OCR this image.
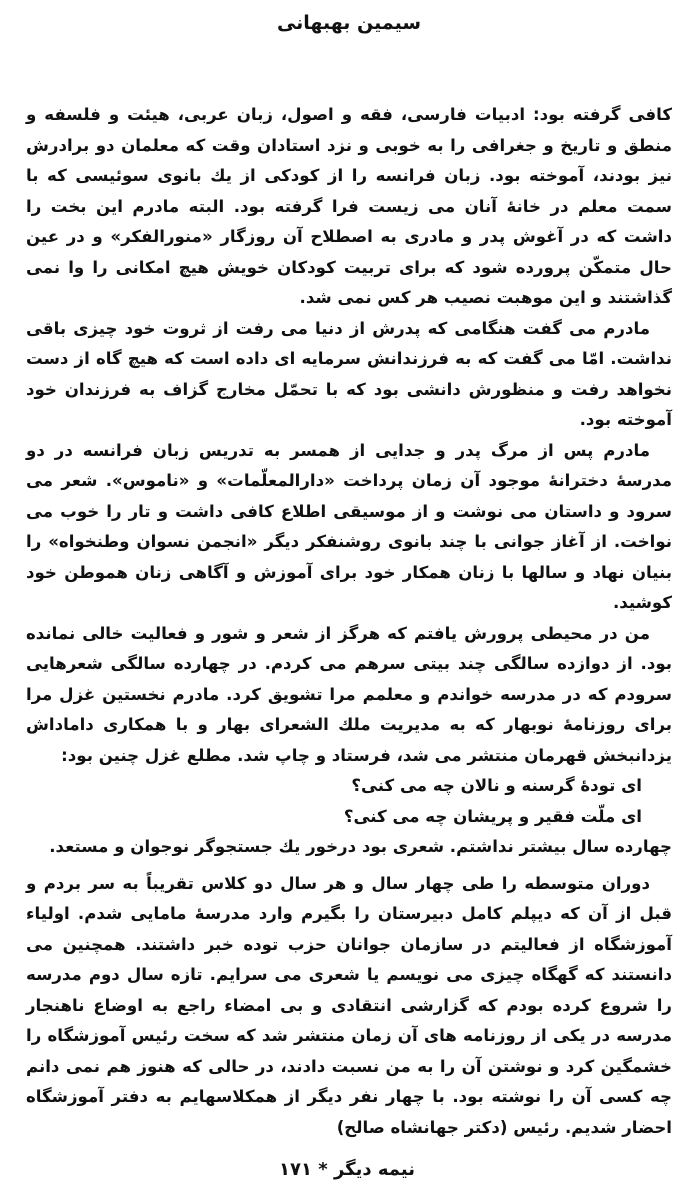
سیمین بهبهانی

کافی گرفته بود: ادبیات فارسی، فقه و اصول، زبان عربی، هیئت و فلسفه و منطق و تاریخ و جغرافی را به خوبی و نزد استادان وقت که معلمان دو برادرش نیز بودند، آموخته بود. زبان فرانسه را از کودکی از یك بانوی سوئیسی که با سمت معلم در خانهٔ آنان می زیست فرا گرفته بود. البته مادرم این بخت را داشت که در آغوش پدر و مادری به اصطلاح آن روزگار «منورالفکر» و در عین حال متمکّن پرورده شود که برای تربیت کودکان خویش هیچ امکانی را وا نمی گذاشتند و این موهبت نصیب هر کس نمی شد.

مادرم می گفت هنگامی که پدرش از دنیا می رفت از ثروت خود چیزی باقی نداشت. امّا می گفت که به فرزندانش سرمایه ای داده است که هیچ گاه از دست نخواهد رفت و منظورش دانشی بود که با تحمّل مخارج گزاف به فرزندان خود آموخته بود.

مادرم پس از مرگ پدر و جدایی از همسر به تدریس زبان فرانسه در دو مدرسهٔ دخترانهٔ موجود آن زمان پرداخت «دارالمعلّمات» و «ناموس». شعر می سرود و داستان می نوشت و از موسیقی اطلاع کافی داشت و تار را خوب می نواخت. از آغاز جوانی با چند بانوی روشنفکر دیگر «انجمن نسوان وطنخواه» را بنیان نهاد و سالها با زنان همکار خود برای آموزش و آگاهی زنان هموطن خود کوشید.

من در محیطی پرورش یافتم که هرگز از شعر و شور و فعالیت خالی نمانده بود. از دوازده سالگی چند بیتی سرهم می کردم. در چهارده سالگی شعرهایی سرودم که در مدرسه خواندم و معلمم مرا تشویق کرد. مادرم نخستین غزل مرا برای روزنامهٔ نوبهار که به مدیریت ملك الشعرای بهار و با همکاری داماداش یزدانبخش قهرمان منتشر می شد، فرستاد و چاپ شد. مطلع غزل چنین بود:

ای تودهٔ گرسنه و نالان چه می کنی؟

ای ملّت فقیر و پریشان چه می کنی؟

چهارده سال بیشتر نداشتم. شعری بود درخور یك جستجوگر نوجوان و مستعد.

دوران متوسطه را طی چهار سال و هر سال دو کلاس تقریباً به سر بردم و قبل از آن که دیپلم کامل دبیرستان را بگیرم وارد مدرسهٔ مامایی شدم. اولیاء آموزشگاه از فعالیتم در سازمان جوانان حزب توده خبر داشتند. همچنین می دانستند که گهگاه چیزی می نویسم یا شعری می سرایم. تازه سال دوم مدرسه را شروع کرده بودم که گزارشی انتقادی و بی امضاء راجع به اوضاع ناهنجار مدرسه در یکی از روزنامه های آن زمان منتشر شد که سخت رئیس آموزشگاه را خشمگین کرد و نوشتن آن را به من نسبت دادند، در حالی که هنوز هم نمی دانم چه کسی آن را نوشته بود. با چهار نفر دیگر از همکلاسهایم به دفتر آموزشگاه احضار شدیم. رئیس (دکتر جهانشاه صالح)

نیمه دیگر * ۱۷۱
